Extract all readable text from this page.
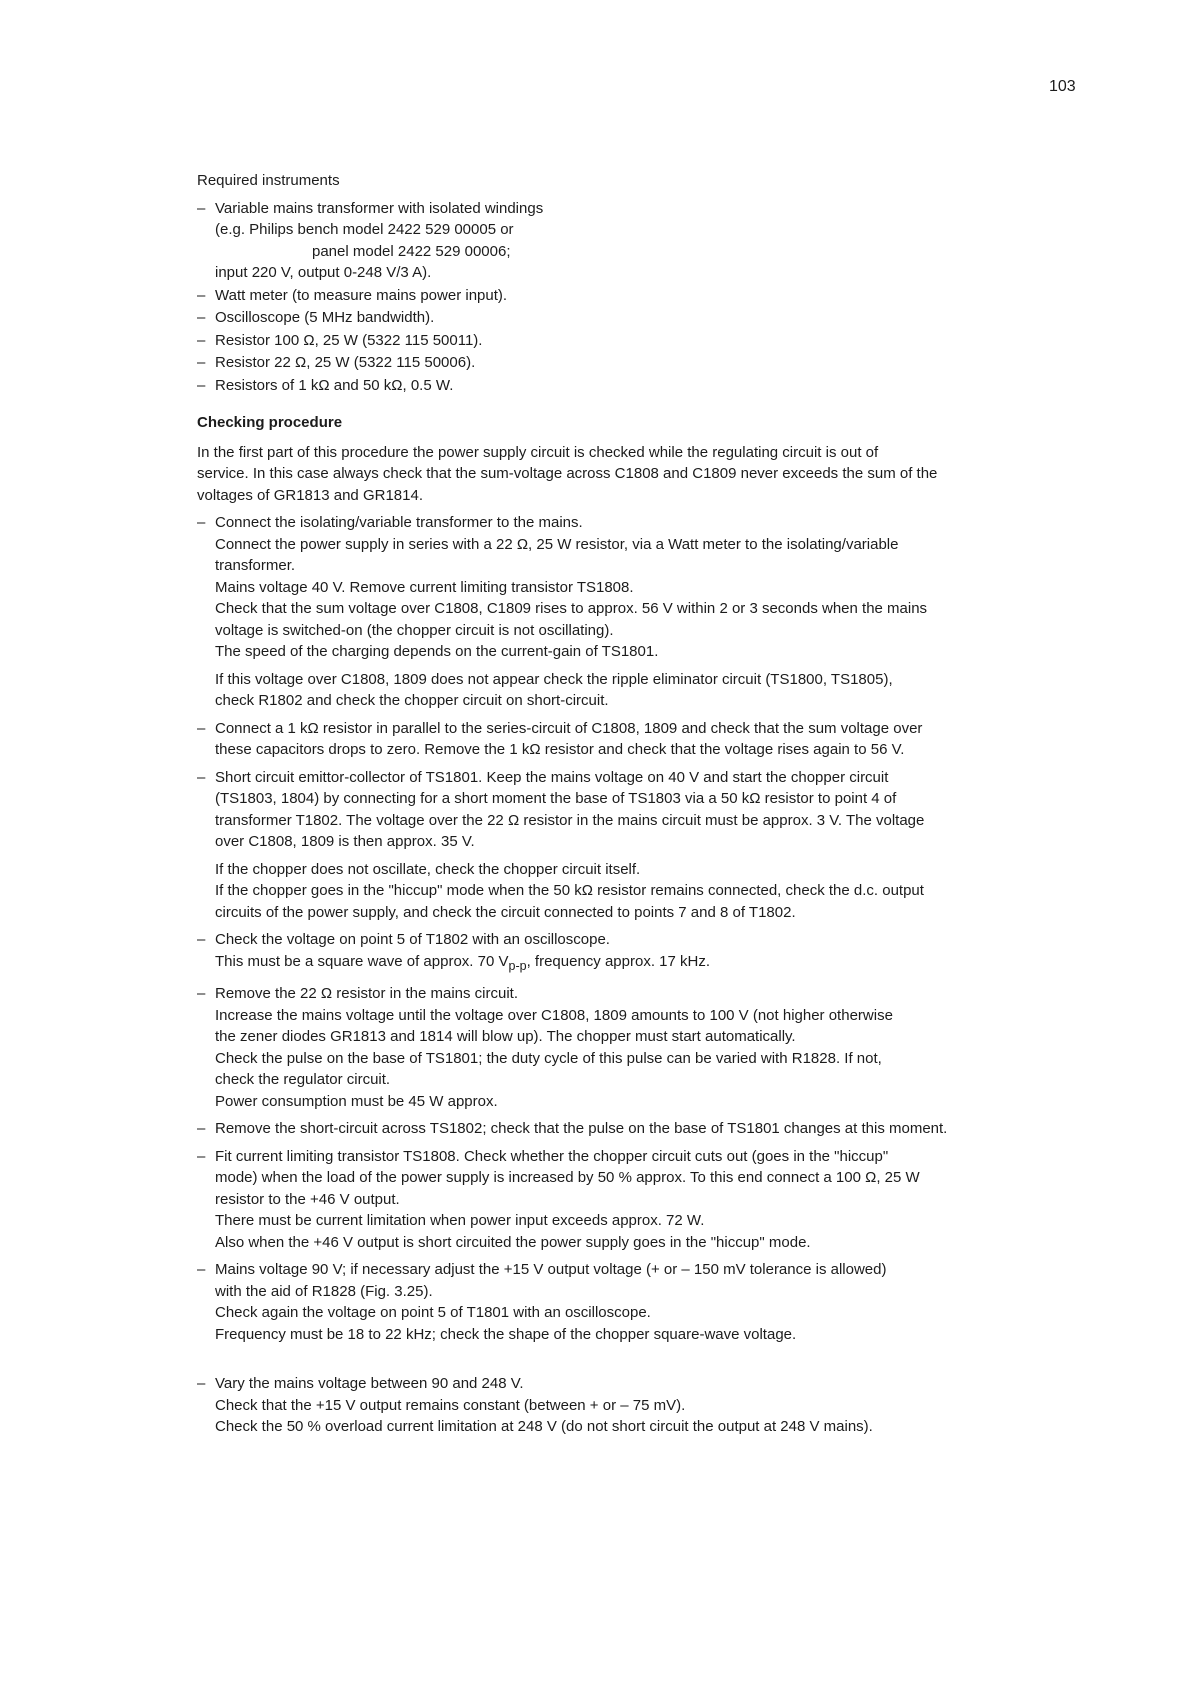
103
Required instruments
– Variable mains transformer with isolated windings
(e.g. Philips bench model 2422 529 00005 or
panel model 2422 529 00006;
input 220 V, output 0-248 V/3 A).
– Watt meter (to measure mains power input).
– Oscilloscope (5 MHz bandwidth).
– Resistor 100 Ω, 25 W (5322 115 50011).
– Resistor 22 Ω, 25 W (5322 115 50006).
– Resistors of 1 kΩ and 50 kΩ, 0.5 W.
Checking procedure
In the first part of this procedure the power supply circuit is checked while the regulating circuit is out of
service. In this case always check that the sum-voltage across C1808 and C1809 never exceeds the sum of the
voltages of GR1813 and GR1814.
– Connect the isolating/variable transformer to the mains.
Connect the power supply in series with a 22 Ω, 25 W resistor, via a Watt meter to the isolating/variable
transformer.
Mains voltage 40 V. Remove current limiting transistor TS1808.
Check that the sum voltage over C1808, C1809 rises to approx. 56 V within 2 or 3 seconds when the mains
voltage is switched-on (the chopper circuit is not oscillating).
The speed of the charging depends on the current-gain of TS1801.
If this voltage over C1808, 1809 does not appear check the ripple eliminator circuit (TS1800, TS1805),
check R1802 and check the chopper circuit on short-circuit.
– Connect a 1 kΩ resistor in parallel to the series-circuit of C1808, 1809 and check that the sum voltage over
these capacitors drops to zero. Remove the 1 kΩ resistor and check that the voltage rises again to 56 V.
– Short circuit emittor-collector of TS1801. Keep the mains voltage on 40 V and start the chopper circuit
(TS1803, 1804) by connecting for a short moment the base of TS1803 via a 50 kΩ resistor to point 4 of
transformer T1802. The voltage over the 22 Ω resistor in the mains circuit must be approx. 3 V. The voltage
over C1808, 1809 is then approx. 35 V.
If the chopper does not oscillate, check the chopper circuit itself.
If the chopper goes in the "hiccup" mode when the 50 kΩ resistor remains connected, check the d.c. output
circuits of the power supply, and check the circuit connected to points 7 and 8 of T1802.
– Check the voltage on point 5 of T1802 with an oscilloscope.
This must be a square wave of approx. 70 $V_{p-p}$, frequency approx. 17 kHz.
– Remove the 22 Ω resistor in the mains circuit.
Increase the mains voltage until the voltage over C1808, 1809 amounts to 100 V (not higher otherwise
the zener diodes GR1813 and 1814 will blow up). The chopper must start automatically.
Check the pulse on the base of TS1801; the duty cycle of this pulse can be varied with R1828. If not,
check the regulator circuit.
Power consumption must be 45 W approx.
– Remove the short-circuit across TS1802; check that the pulse on the base of TS1801 changes at this moment.
– Fit current limiting transistor TS1808. Check whether the chopper circuit cuts out (goes in the "hiccup"
mode) when the load of the power supply is increased by 50 % approx. To this end connect a 100 Ω, 25 W
resistor to the +46 V output.
There must be current limitation when power input exceeds approx. 72 W.
Also when the +46 V output is short circuited the power supply goes in the "hiccup" mode.
– Mains voltage 90 V; if necessary adjust the +15 V output voltage (+ or – 150 mV tolerance is allowed)
with the aid of R1828 (Fig. 3.25).
Check again the voltage on point 5 of T1801 with an oscilloscope.
Frequency must be 18 to 22 kHz; check the shape of the chopper square-wave voltage.
– Vary the mains voltage between 90 and 248 V.
Check that the +15 V output remains constant (between + or – 75 mV).
Check the 50 % overload current limitation at 248 V (do not short circuit the output at 248 V mains).
